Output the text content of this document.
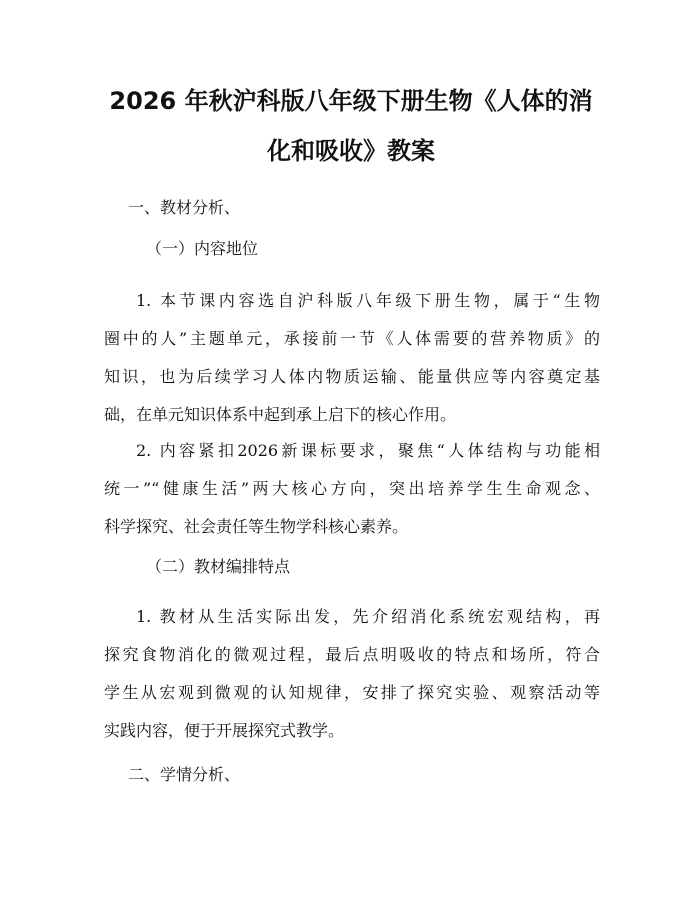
2026 年秋沪科版八年级下册生物《人体的消
化和吸收》教案

一、教材分析、

（一）内容地位

1. 本节课内容选自沪科版八年级下册生物，属于“生物
圈中的人”主题单元，承接前一节《人体需要的营养物质》的
知识，也为后续学习人体内物质运输、能量供应等内容奠定基
础，在单元知识体系中起到承上启下的核心作用。
2. 内容紧扣2026新课标要求，聚焦“人体结构与功能相
统一”“健康生活”两大核心方向，突出培养学生生命观念、
科学探究、社会责任等生物学科核心素养。

（二）教材编排特点

1. 教材从生活实际出发，先介绍消化系统宏观结构，再
探究食物消化的微观过程，最后点明吸收的特点和场所，符合
学生从宏观到微观的认知规律，安排了探究实验、观察活动等
实践内容，便于开展探究式教学。

二、学情分析、
